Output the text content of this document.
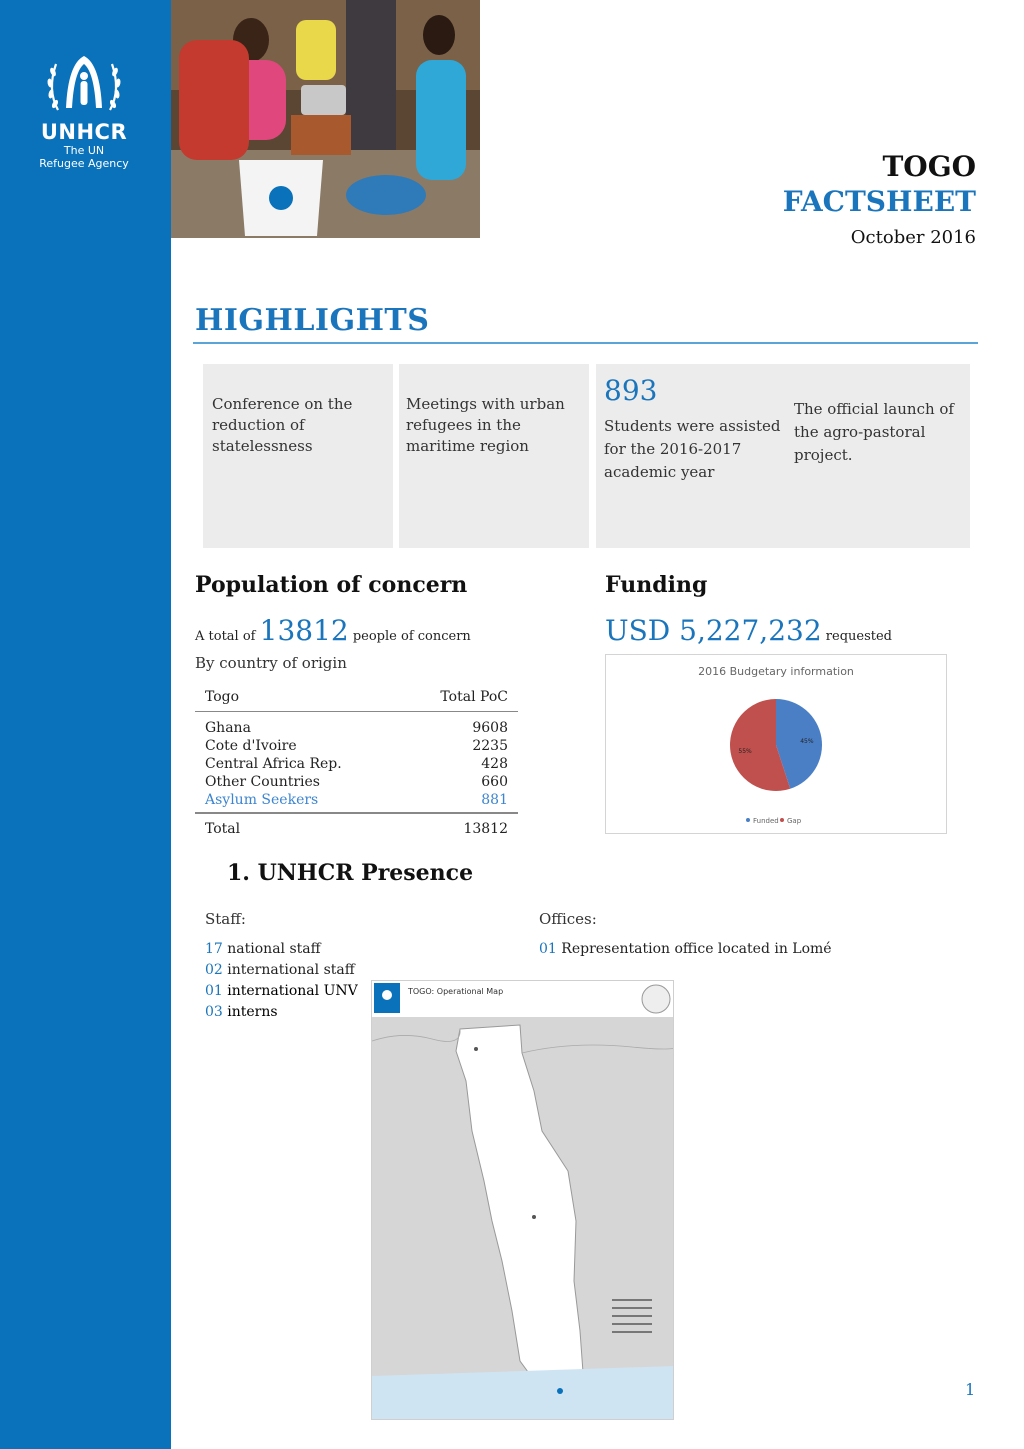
UNHCR
The UN
Refugee Agency	TOGO
FACTSHEET
October 2016
HIGHLIGHTS
Conference on the
reduction of
statelessness
Meetings with urban
refugees in the
maritime region
893
Students were assisted
for the 2016-2017
academic year
The official launch of
the agro-pastoral
project.
Population of concern
A total of 13812 people of concern
By country of origin
Togo	Total PoC
Ghana	9608
Cote d'Ivoire	2235
Central Africa Rep.	428
Other Countries	660
Asylum Seekers	881
Total	13812
Funding
USD 5,227,232 requested
2016 Budgetary information
45%
55%
Funded Gap
1. UNHCR Presence
Staff:	Offices:
17 national staff
02 international staff
01 international UNV
03 interns
01 Representation office located in Lomé
TOGO: Operational Map
1
